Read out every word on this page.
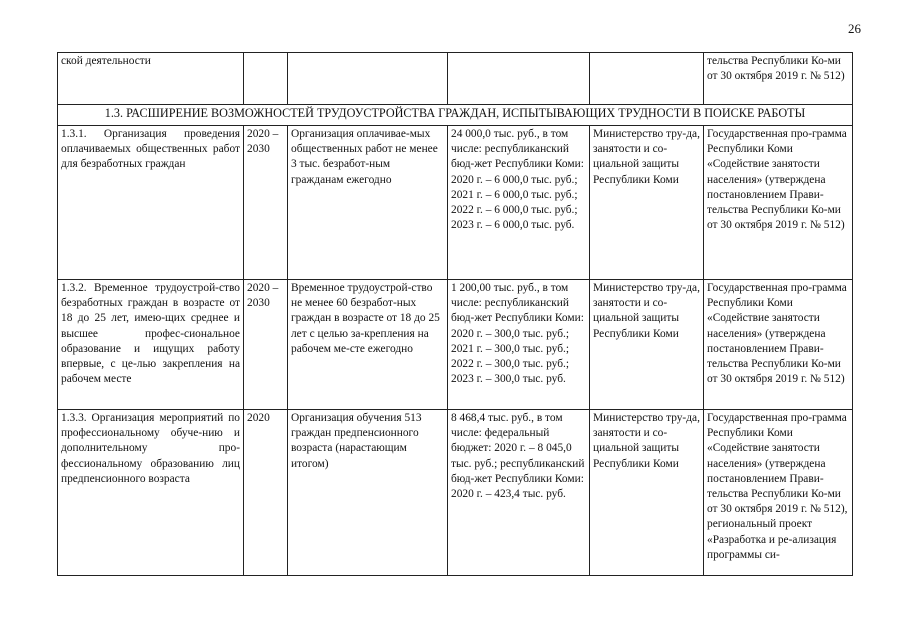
26
ской деятельности					тельства Республики Ко-ми от 30 октября 2019 г. № 512)
1.3. РАСШИРЕНИЕ ВОЗМОЖНОСТЕЙ ТРУДОУСТРОЙСТВА ГРАЖДАН, ИСПЫТЫВАЮЩИХ ТРУДНОСТИ В ПОИСКЕ РАБОТЫ					
1.3.1. Организация проведения оплачиваемых общественных работ для безработных граждан	2020 – 2030	Организация оплачивае-мых общественных работ не менее 3 тыс. безработ-ным гражданам ежегодно	24 000,0 тыс. руб., в том числе: республиканский бюд-жет Республики Коми: 2020 г. – 6 000,0 тыс. руб.; 2021 г. – 6 000,0 тыс. руб.; 2022 г. – 6 000,0 тыс. руб.; 2023 г. – 6 000,0 тыс. руб.	Министерство тру-да, занятости и со-циальной защиты Республики Коми	Государственная про-грамма Республики Коми «Содействие занятости населения» (утверждена постановлением Прави-тельства Республики Ко-ми от 30 октября 2019 г. № 512)
1.3.2. Временное трудоустрой-ство безработных граждан в возрасте от 18 до 25 лет, имею-щих среднее и высшее профес-сиональное образование и ищущих работу впервые, с це-лью закрепления на рабочем месте	2020 – 2030	Временное трудоустрой-ство не менее 60 безработ-ных граждан в возрасте от 18 до 25 лет с целью за-крепления на рабочем ме-сте ежегодно	1 200,00 тыс. руб., в том числе: республиканский бюд-жет Республики Коми: 2020 г. – 300,0 тыс. руб.; 2021 г. – 300,0 тыс. руб.; 2022 г. – 300,0 тыс. руб.; 2023 г. – 300,0 тыс. руб.	Министерство тру-да, занятости и со-циальной защиты Республики Коми	Государственная про-грамма Республики Коми «Содействие занятости населения» (утверждена постановлением Прави-тельства Республики Ко-ми от 30 октября 2019 г. № 512)
1.3.3. Организация мероприятий по профессиональному обуче-нию и дополнительному про-фессиональному образованию лиц предпенсионного возраста	2020	Организация обучения 513 граждан предпенсионного возраста (нарастающим итогом)	8 468,4 тыс. руб., в том числе: федеральный бюджет: 2020 г. – 8 045,0 тыс. руб.; республиканский бюд-жет Республики Коми: 2020 г. – 423,4 тыс. руб.	Министерство тру-да, занятости и со-циальной защиты Республики Коми	Государственная про-грамма Республики Коми «Содействие занятости населения» (утверждена постановлением Прави-тельства Республики Ко-ми от 30 октября 2019 г. № 512), региональный проект «Разработка и ре-ализация программы си-
